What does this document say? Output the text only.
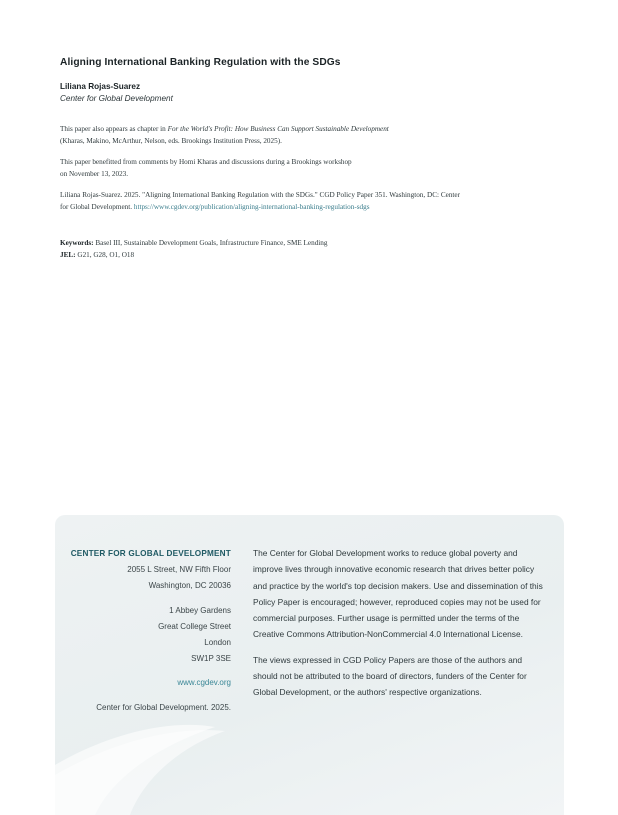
Aligning International Banking Regulation with the SDGs
Liliana Rojas-Suarez
Center for Global Development

This paper also appears as chapter in For the World's Profit: How Business Can Support Sustainable Development
(Kharas, Makino, McArthur, Nelson, eds. Brookings Institution Press, 2025).

This paper benefitted from comments by Homi Kharas and discussions during a Brookings workshop
on November 13, 2023.

Liliana Rojas-Suarez. 2025. "Aligning International Banking Regulation with the SDGs." CGD Policy Paper 351. Washington, DC: Center for Global Development. https://www.cgdev.org/publication/aligning-international-banking-regulation-sdgs

Keywords: Basel III, Sustainable Development Goals, Infrastructure Finance, SME Lending

JEL: G21, G28, O1, O18

CENTER FOR GLOBAL DEVELOPMENT
2055 L Street, NW Fifth Floor
Washington, DC 20036
1 Abbey Gardens
Great College Street
London
SW1P 3SE
www.cgdev.org
Center for Global Development. 2025.

The Center for Global Development works to reduce global poverty and improve lives through innovative economic research that drives better policy and practice by the world's top decision makers. Use and dissemination of this Policy Paper is encouraged; however, reproduced copies may not be used for commercial purposes. Further usage is permitted under the terms of the Creative Commons Attribution-NonCommercial 4.0 International License.

The views expressed in CGD Policy Papers are those of the authors and should not be attributed to the board of directors, funders of the Center for Global Development, or the authors' respective organizations.
